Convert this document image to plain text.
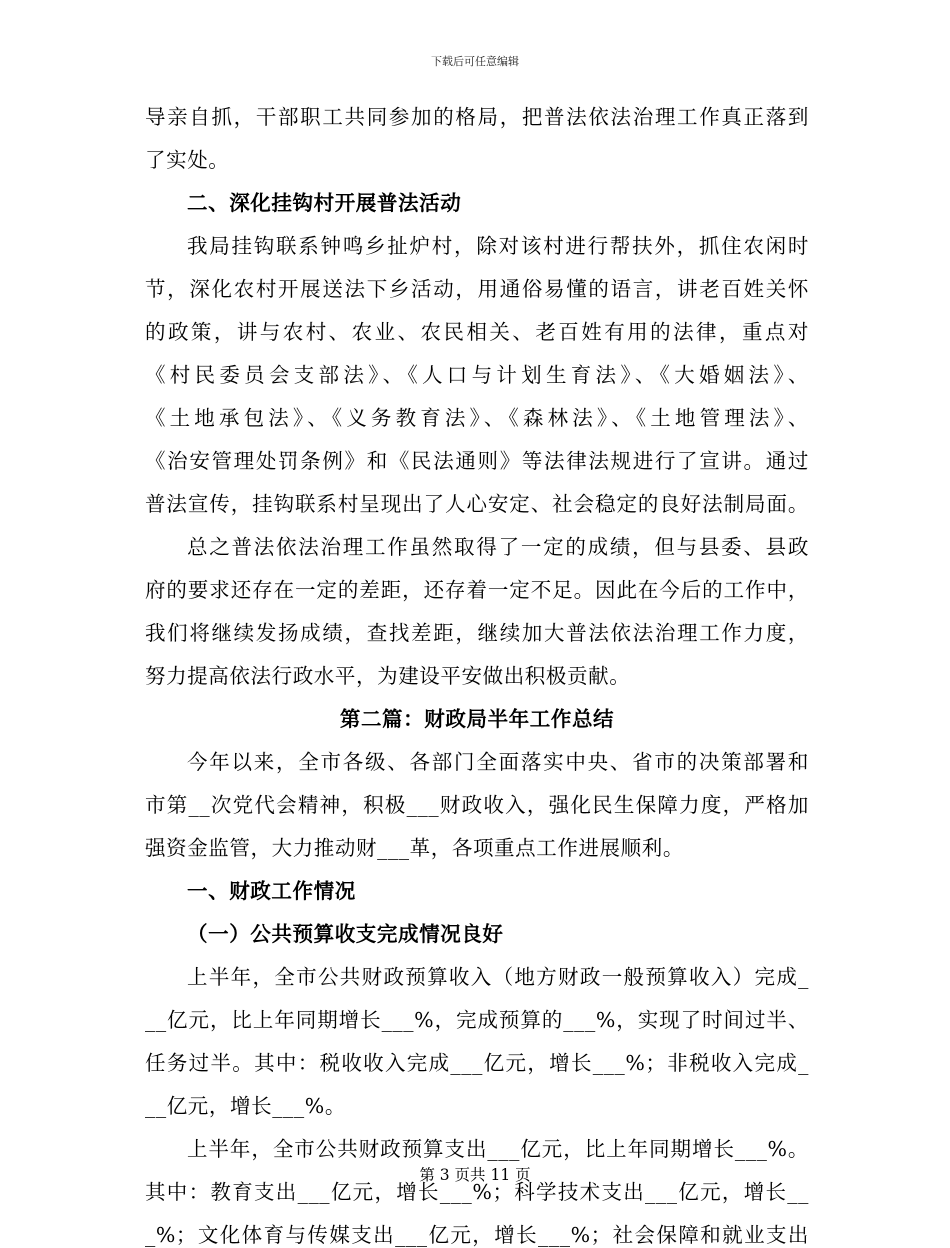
下载后可任意编辑

导亲自抓，干部职工共同参加的格局，把普法依法治理工作真正落到

了实处。

二、深化挂钩村开展普法活动

我局挂钩联系钟鸣乡扯炉村，除对该村进行帮扶外，抓住农闲时

节，深化农村开展送法下乡活动，用通俗易懂的语言，讲老百姓关怀

的政策，讲与农村、农业、农民相关、老百姓有用的法律，重点对

《村民委员会支部法》、《人口与计划生育法》、《大婚姻法》、

《土地承包法》、《义务教育法》、《森林法》、《土地管理法》、

《治安管理处罚条例》和《民法通则》等法律法规进行了宣讲。通过

普法宣传，挂钩联系村呈现出了人心安定、社会稳定的良好法制局面。

总之普法依法治理工作虽然取得了一定的成绩，但与县委、县政

府的要求还存在一定的差距，还存着一定不足。因此在今后的工作中，

我们将继续发扬成绩，查找差距，继续加大普法依法治理工作力度，

努力提高依法行政水平，为建设平安做出积极贡献。

第二篇：财政局半年工作总结

今年以来，全市各级、各部门全面落实中央、省市的决策部署和

市第__次党代会精神，积极___财政收入，强化民生保障力度，严格加

强资金监管，大力推动财___革，各项重点工作进展顺利。

一、财政工作情况

（一）公共预算收支完成情况良好

上半年，全市公共财政预算收入（地方财政一般预算收入）完成_

__亿元，比上年同期增长___%，完成预算的___%，实现了时间过半、

任务过半。其中：税收收入完成___亿元，增长___%；非税收入完成_

__亿元，增长___%。

上半年，全市公共财政预算支出___亿元，比上年同期增长___%。

其中：教育支出___亿元，增长___%；科学技术支出___亿元，增长__

_%；文化体育与传媒支出___亿元，增长___%；社会保障和就业支出

第 3 页共 11 页
